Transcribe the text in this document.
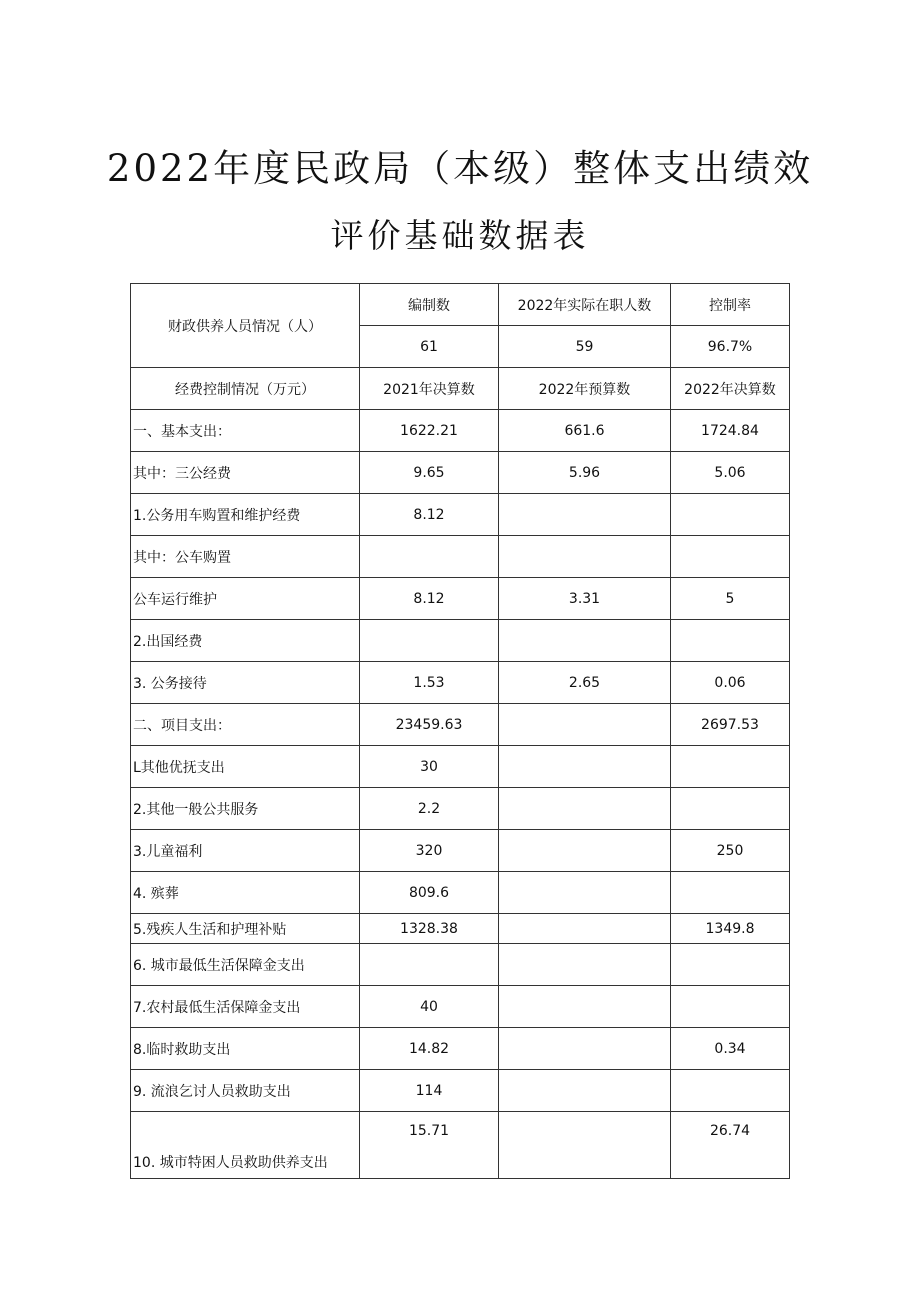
2022年度民政局（本级）整体支出绩效
评价基础数据表
财政供养人员情况（人）	编制数	2022年实际在职人数	控制率
	61	59	96.7%
经费控制情况（万元）	2021年决算数	2022年预算数	2022年决算数
一、基本支出：	1622.21	661.6	1724.84
其中：三公经费	9.65	5.96	5.06
1.公务用车购置和维护经费	8.12		
其中：公车购置			
公车运行维护	8.12	3.31	5
2.出国经费			
3. 公务接待	1.53	2.65	0.06
二、项目支出：	23459.63		2697.53
L其他优抚支出	30		
2.其他一般公共服务	2.2		
3.儿童福利	320		250
4. 殡葬	809.6		
5.残疾人生活和护理补贴	1328.38		1349.8
6. 城市最低生活保障金支出			
7.农村最低生活保障金支出	40		
8.临时救助支出	14.82		0.34
9. 流浪乞讨人员救助支出	114		
10. 城市特困人员救助供养支出	15.71		26.74
